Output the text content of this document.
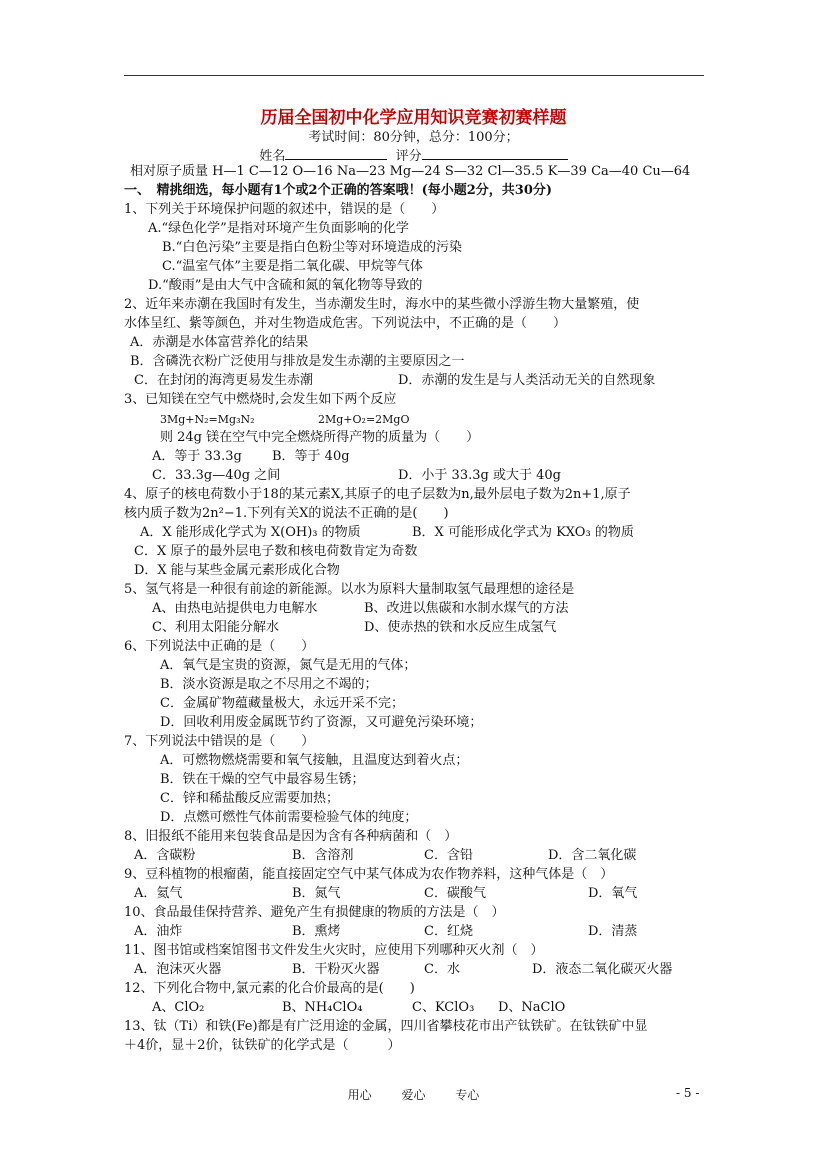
历届全国初中化学应用知识竞赛初赛样题
考试时间：80分钟，总分：100分；
姓名	评分
相对原子质量 H—1 C—12 O—16 Na—23 Mg—24 S—32 Cl—35.5 K—39 Ca—40 Cu—64
一、　精挑细选，每小题有1个或2个正确的答案哦！(每小题2分，共30分)
1、下列关于环境保护问题的叙述中，错误的是（　　）
A.“绿色化学”是指对环境产生负面影响的化学
B.“白色污染”主要是指白色粉尘等对环境造成的污染
C.“温室气体”主要是指二氧化碳、甲烷等气体
D.“酸雨”是由大气中含硫和氮的氧化物等导致的
2、近年来赤潮在我国时有发生，当赤潮发生时，海水中的某些微小浮游生物大量繁殖，使
水体呈红、紫等颜色，并对生物造成危害。下列说法中，不正确的是（　　）
A．赤潮是水体富营养化的结果
B．含磷洗衣粉广泛使用与排放是发生赤潮的主要原因之一
C．在封闭的海湾更易发生赤潮	D．赤潮的发生是与人类活动无关的自然现象
3、已知镁在空气中燃烧时,会发生如下两个反应
3Mg+N₂=Mg₃N₂	2Mg+O₂=2MgO
则 24g 镁在空气中完全燃烧所得产物的质量为（　　）
A．等于 33.3g B．等于 40g
C．33.3g—40g 之间	D．小于 33.3g 或大于 40g
4、原子的核电荷数小于18的某元素X,其原子的电子层数为n,最外层电子数为2n+1,原子
核内质子数为2n²−1.下列有关X的说法不正确的是(　　)
A．X 能形成化学式为 X(OH)₃ 的物质	B．X 可能形成化学式为 KXO₃ 的物质
C．X 原子的最外层电子数和核电荷数肯定为奇数
D．X 能与某些金属元素形成化合物
5、氢气将是一种很有前途的新能源。以水为原料大量制取氢气最理想的途径是
A、由热电站提供电力电解水	B、改进以焦碳和水制水煤气的方法
C、利用太阳能分解水	D、使赤热的铁和水反应生成氢气
6、下列说法中正确的是（　　）
A．氧气是宝贵的资源，氮气是无用的气体；
B．淡水资源是取之不尽用之不竭的；
C．金属矿物蕴藏量极大，永远开采不完；
D．回收利用废金属既节约了资源，又可避免污染环境；
7、下列说法中错误的是（　　）
A．可燃物燃烧需要和氧气接触，且温度达到着火点；
B．铁在干燥的空气中最容易生锈；
C．锌和稀盐酸反应需要加热；
D．点燃可燃性气体前需要检验气体的纯度；
8、旧报纸不能用来包装食品是因为含有各种病菌和（　）
A．含碳粉	B．含溶剂	C．含铅	D．含二氧化碳
9、豆科植物的根瘤菌，能直接固定空气中某气体成为农作物养料，这种气体是（　）
A．氦气	B．氮气	C．碳酸气	D．氧气
10、食品最佳保持营养、避免产生有损健康的物质的方法是（　）
A．油炸	B．熏烤	C．红烧	D．清蒸
11、图书馆或档案馆图书文件发生火灾时，应使用下列哪种灭火剂（　）
A．泡沫灭火器	B．干粉灭火器	C．水	D．液态二氧化碳灭火器
12、下列化合物中,氯元素的化合价最高的是(　　)
A、ClO₂	B、NH₄ClO₄	C、KClO₃ D、NaClO
13、钛（Ti）和铁(Fe)都是有广泛用途的金属，四川省攀枝花市出产钛铁矿。在钛铁矿中显
＋4价，显＋2价，钛铁矿的化学式是（　　　）
用心 爱心 专心	- 5 -
